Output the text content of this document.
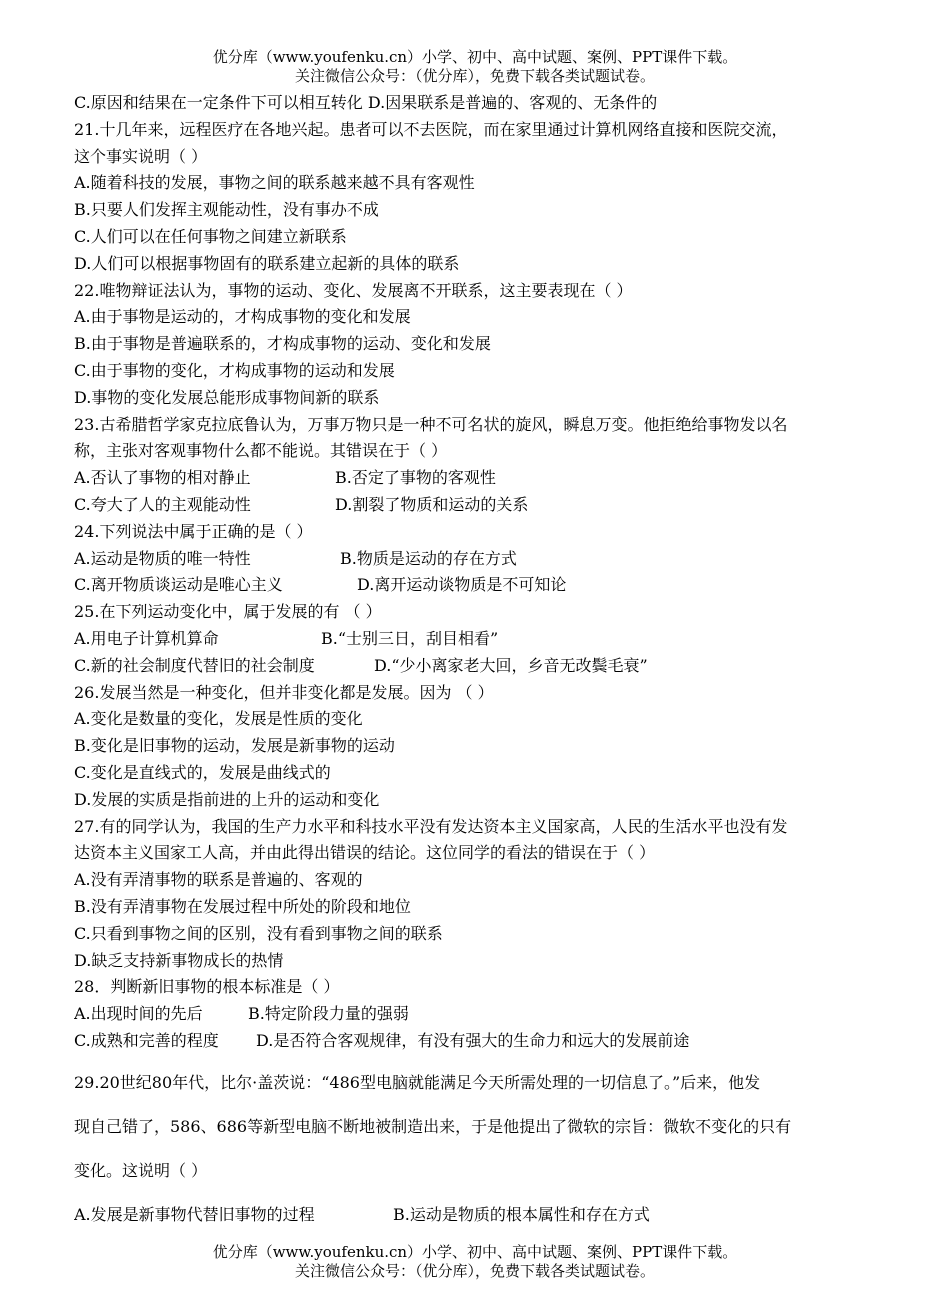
优分库（www.youfenku.cn）小学、初中、高中试题、案例、PPT课件下载。

关注微信公众号：（优分库），免费下载各类试题试卷。

C.原因和结果在一定条件下可以相互转化 D.因果联系是普遍的、客观的、无条件的
21.十几年来，远程医疗在各地兴起。患者可以不去医院，而在家里通过计算机网络直接和医院交流，
这个事实说明（ ）
A.随着科技的发展，事物之间的联系越来越不具有客观性
B.只要人们发挥主观能动性，没有事办不成
C.人们可以在任何事物之间建立新联系
D.人们可以根据事物固有的联系建立起新的具体的联系
22.唯物辩证法认为，事物的运动、变化、发展离不开联系，这主要表现在（ ）
A.由于事物是运动的，才构成事物的变化和发展
B.由于事物是普遍联系的，才构成事物的运动、变化和发展
C.由于事物的变化，才构成事物的运动和发展
D.事物的变化发展总能形成事物间新的联系
23.古希腊哲学家克拉底鲁认为，万事万物只是一种不可名状的旋风，瞬息万变。他拒绝给事物发以名
称，主张对客观事物什么都不能说。其错误在于（ ）
A.否认了事物的相对静止	B.否定了事物的客观性
C.夸大了人的主观能动性	D.割裂了物质和运动的关系
24.下列说法中属于正确的是（ ）
A.运动是物质的唯一特性	B.物质是运动的存在方式
C.离开物质谈运动是唯心主义	D.离开运动谈物质是不可知论
25.在下列运动变化中，属于发展的有 （ ）
A.用电子计算机算命	B.“士别三日，刮目相看”
C.新的社会制度代替旧的社会制度	D.“少小离家老大回，乡音无改鬓毛衰”
26.发展当然是一种变化，但并非变化都是发展。因为 （ ）
A.变化是数量的变化，发展是性质的变化
B.变化是旧事物的运动，发展是新事物的运动
C.变化是直线式的，发展是曲线式的
D.发展的实质是指前进的上升的运动和变化
27.有的同学认为，我国的生产力水平和科技水平没有发达资本主义国家高，人民的生活水平也没有发
达资本主义国家工人高，并由此得出错误的结论。这位同学的看法的错误在于（ ）
A.没有弄清事物的联系是普遍的、客观的
B.没有弄清事物在发展过程中所处的阶段和地位
C.只看到事物之间的区别，没有看到事物之间的联系
D.缺乏支持新事物成长的热情
28．判断新旧事物的根本标准是（ ）
A.出现时间的先后	B.特定阶段力量的强弱
C.成熟和完善的程度 D.是否符合客观规律，有没有强大的生命力和远大的发展前途
29.20世纪80年代，比尔·盖茨说：“486型电脑就能满足今天所需处理的一切信息了。”后来，他发
现自己错了，586、686等新型电脑不断地被制造出来，于是他提出了微软的宗旨：微软不变化的只有
变化。这说明（ ）
A.发展是新事物代替旧事物的过程	B.运动是物质的根本属性和存在方式

优分库（www.youfenku.cn）小学、初中、高中试题、案例、PPT课件下载。

关注微信公众号：（优分库），免费下载各类试题试卷。
